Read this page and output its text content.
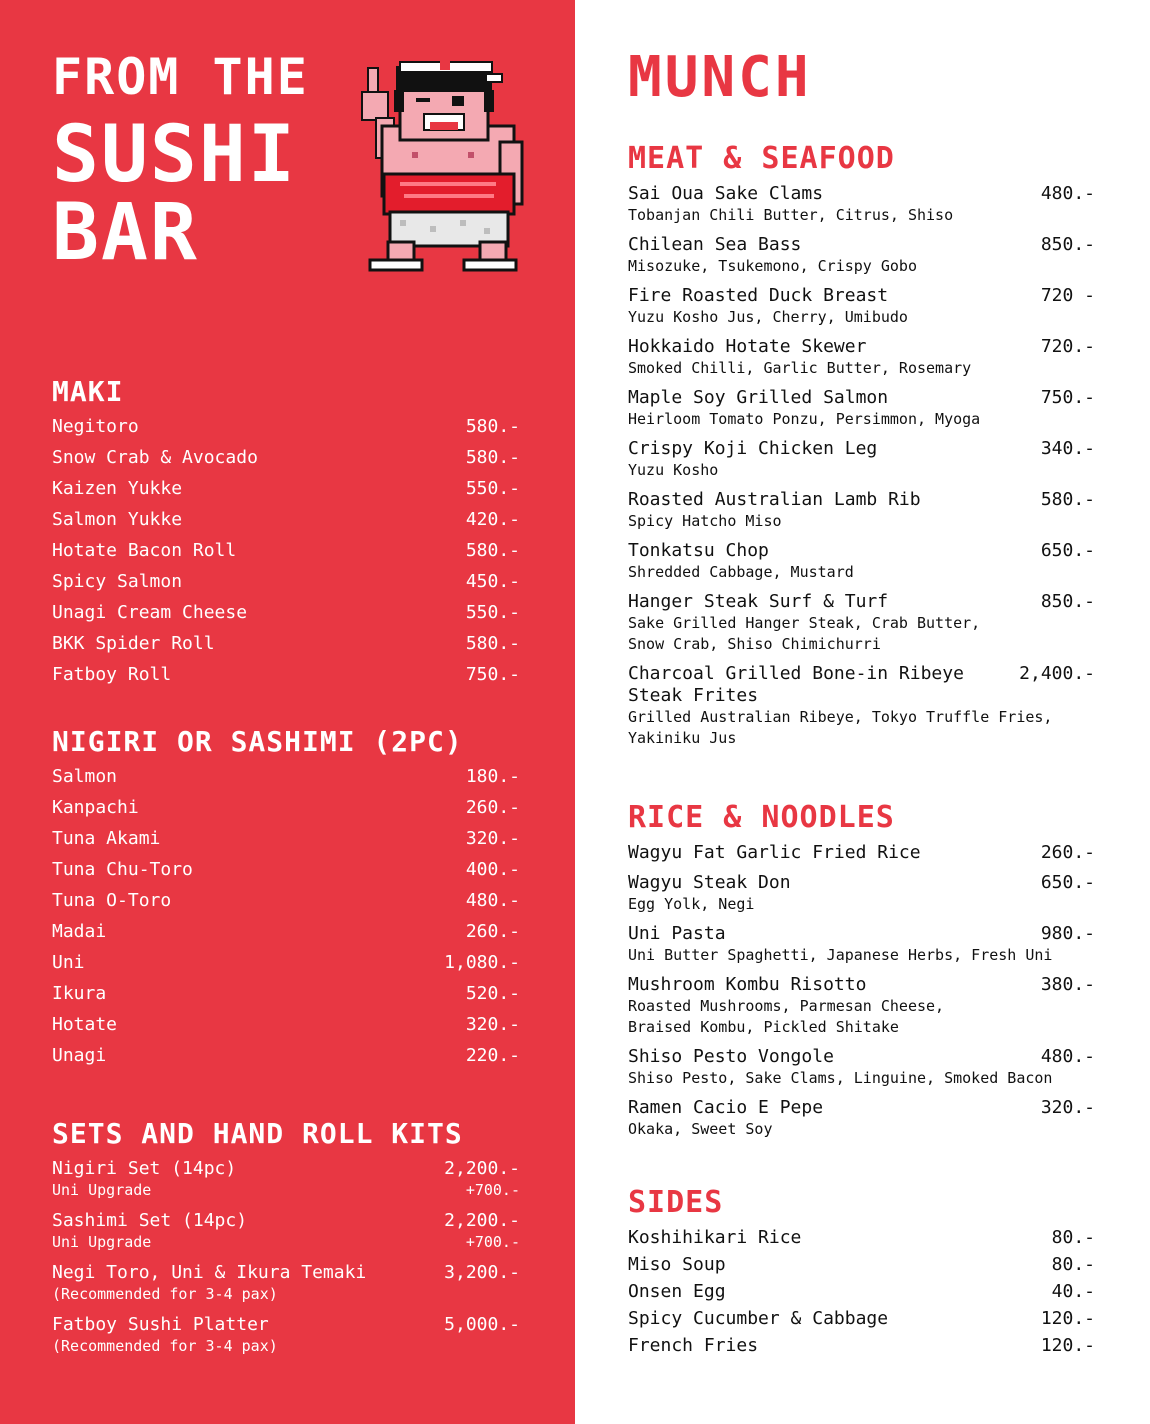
FROM THE
SUSHI
BAR
MAKI
Negitoro	580.-
Snow Crab & Avocado	580.-
Kaizen Yukke	550.-
Salmon Yukke	420.-
Hotate Bacon Roll	580.-
Spicy Salmon	450.-
Unagi Cream Cheese	550.-
BKK Spider Roll	580.-
Fatboy Roll	750.-
NIGIRI OR SASHIMI (2PC)
Salmon	180.-
Kanpachi	260.-
Tuna Akami	320.-
Tuna Chu-Toro	400.-
Tuna O-Toro	480.-
Madai	260.-
Uni	1,080.-
Ikura	520.-
Hotate	320.-
Unagi	220.-
SETS AND HAND ROLL KITS
Nigiri Set (14pc)	2,200.-
Uni Upgrade	+700.-
Sashimi Set (14pc)	2,200.-
Uni Upgrade	+700.-
Negi Toro, Uni & Ikura Temaki	3,200.-
(Recommended for 3-4 pax)
Fatboy Sushi Platter	5,000.-
(Recommended for 3-4 pax)
MUNCH
MEAT & SEAFOOD
Sai Oua Sake Clams	480.-
Tobanjan Chili Butter, Citrus, Shiso
Chilean Sea Bass	850.-
Misozuke, Tsukemono, Crispy Gobo
Fire Roasted Duck Breast	720 -
Yuzu Kosho Jus, Cherry, Umibudo
Hokkaido Hotate Skewer	720.-
Smoked Chilli, Garlic Butter, Rosemary
Maple Soy Grilled Salmon	750.-
Heirloom Tomato Ponzu, Persimmon, Myoga
Crispy Koji Chicken Leg	340.-
Yuzu Kosho
Roasted Australian Lamb Rib	580.-
Spicy Hatcho Miso
Tonkatsu Chop	650.-
Shredded Cabbage, Mustard
Hanger Steak Surf & Turf	850.-
Sake Grilled Hanger Steak, Crab Butter,
Snow Crab, Shiso Chimichurri
Charcoal Grilled Bone-in Ribeye
Steak Frites
2,400.-
Grilled Australian Ribeye, Tokyo Truffle Fries,
Yakiniku Jus
RICE & NOODLES
Wagyu Fat Garlic Fried Rice	260.-
Wagyu Steak Don	650.-
Egg Yolk, Negi
Uni Pasta	980.-
Uni Butter Spaghetti, Japanese Herbs, Fresh Uni
Mushroom Kombu Risotto	380.-
Roasted Mushrooms, Parmesan Cheese,
Braised Kombu, Pickled Shitake
Shiso Pesto Vongole	480.-
Shiso Pesto, Sake Clams, Linguine, Smoked Bacon
Ramen Cacio E Pepe	320.-
Okaka, Sweet Soy
SIDES
Koshihikari Rice	80.-
Miso Soup	80.-
Onsen Egg	40.-
Spicy Cucumber & Cabbage	120.-
French Fries	120.-
